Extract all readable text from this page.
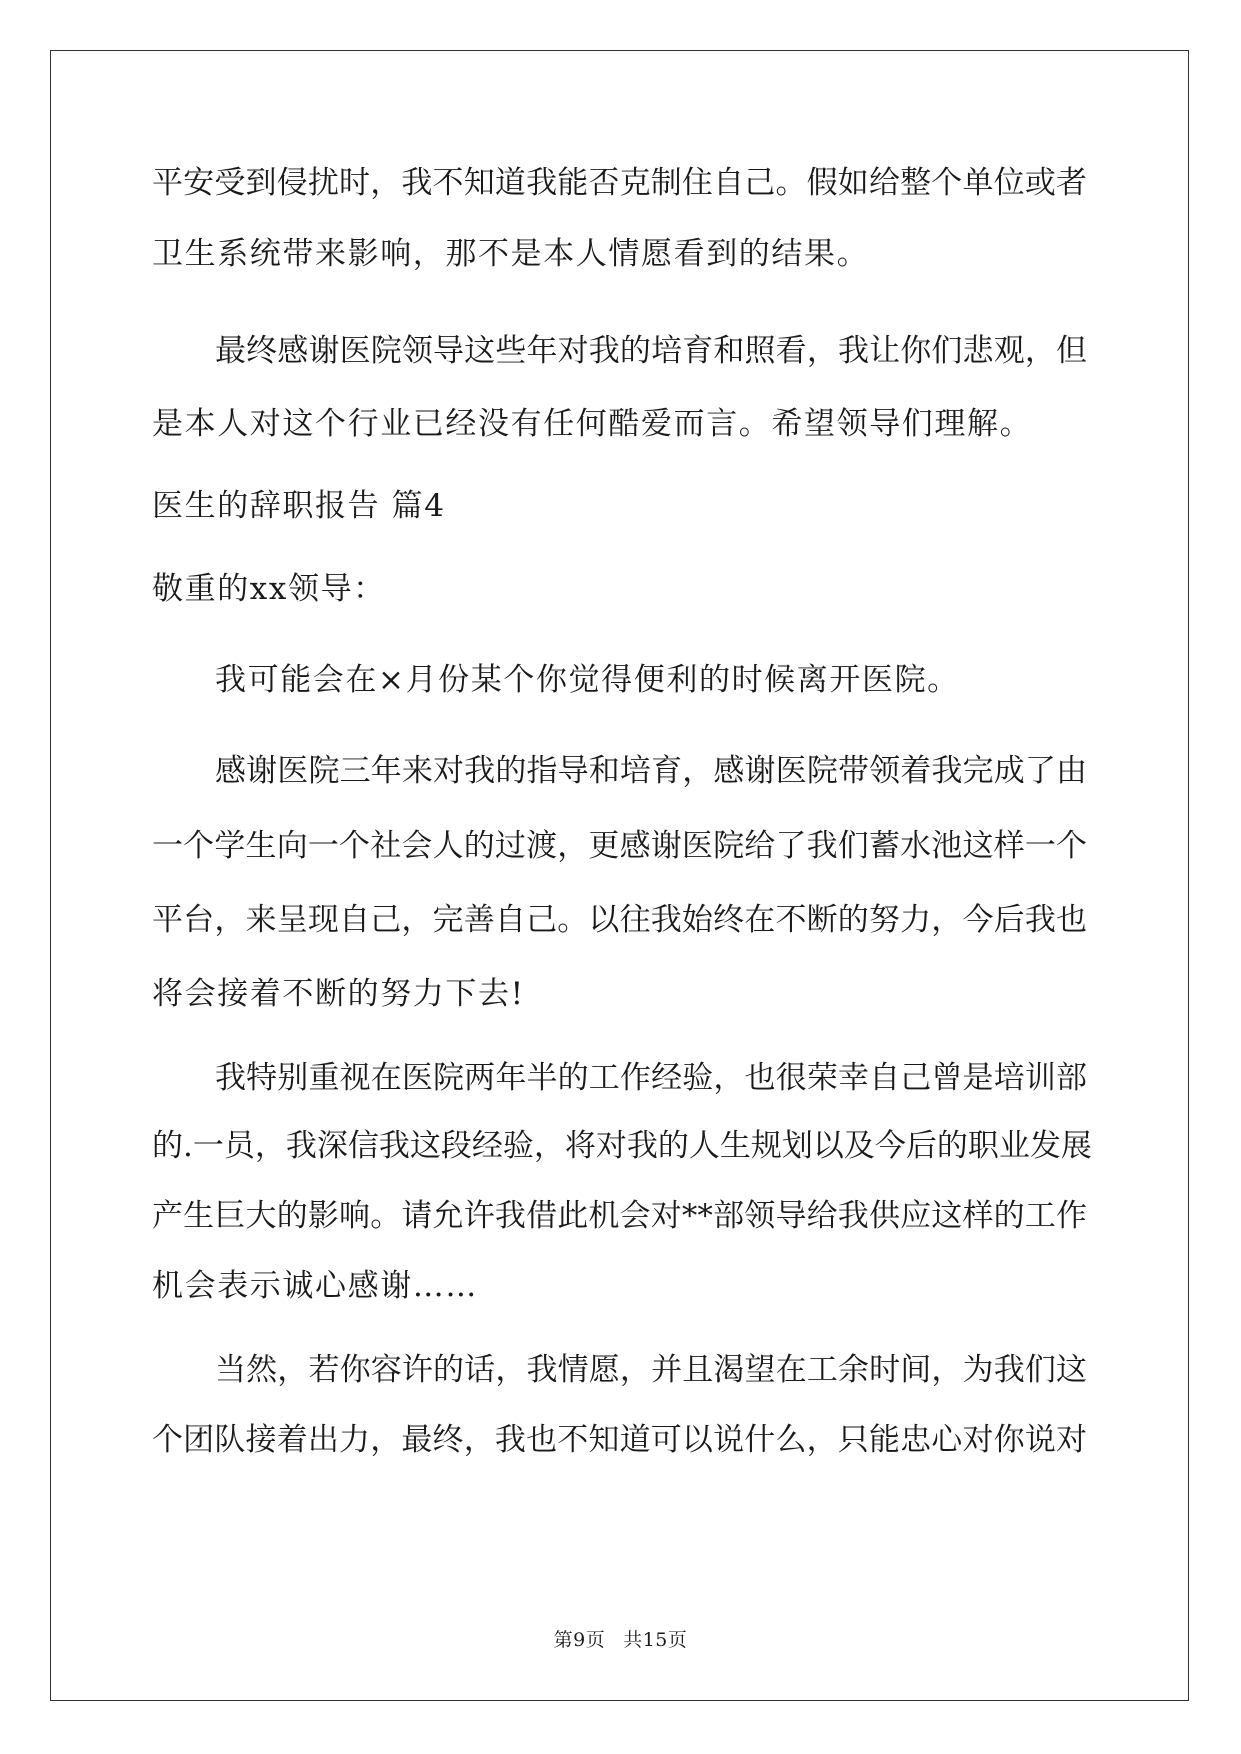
平安受到侵扰时，我不知道我能否克制住自己。假如给整个单位或者
卫生系统带来影响，那不是本人情愿看到的结果。
最终感谢医院领导这些年对我的培育和照看，我让你们悲观，但
是本人对这个行业已经没有任何酷爱而言。希望领导们理解。
医生的辞职报告 篇4
敬重的xx领导：
我可能会在×月份某个你觉得便利的时候离开医院。
感谢医院三年来对我的指导和培育，感谢医院带领着我完成了由
一个学生向一个社会人的过渡，更感谢医院给了我们蓄水池这样一个
平台，来呈现自己，完善自己。以往我始终在不断的努力，今后我也
将会接着不断的努力下去!
我特别重视在医院两年半的工作经验，也很荣幸自己曾是培训部
的.一员，我深信我这段经验，将对我的人生规划以及今后的职业发展
产生巨大的影响。请允许我借此机会对**部领导给我供应这样的工作
机会表示诚心感谢……
当然，若你容许的话，我情愿，并且渴望在工余时间，为我们这
个团队接着出力，最终，我也不知道可以说什么，只能忠心对你说对
第9页 共15页
